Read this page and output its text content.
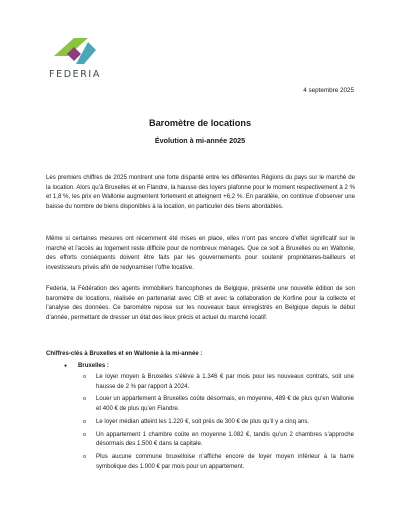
FEDERIA
4 septembre 2025
Baromètre de locations
Évolution à mi-année 2025

Les premiers chiffres de 2025 montrent une forte disparité entre les différentes Régions du pays sur le marché de la location. Alors qu’à Bruxelles et en Flandre, la hausse des loyers plafonne pour le moment respectivement à 2 % et 1,8 %, les prix en Wallonie augmentent fortement et atteignent +6,2 %. En parallèle, on continue d’observer une baisse du nombre de biens disponibles à la location, en particulier des biens abordables.

Même si certaines mesures ont récemment été mises en place, elles n’ont pas encore d’effet significatif sur le marché et l’accès au logement reste difficile pour de nombreux ménages. Que ce soit à Bruxelles ou en Wallonie, des efforts conséquents doivent être faits par les gouvernements pour soutenir propriétaires-bailleurs et investisseurs privés afin de redynamiser l’offre locative.

Federia, la Fédération des agents immobiliers francophones de Belgique, présente une nouvelle édition de son baromètre de locations, réalisée en partenariat avec CIB et avec la collaboration de Korfine pour la collecte et l’analyse des données. Ce baromètre repose sur les nouveaux baux enregistrés en Belgique depuis le début d’année, permettant de dresser un état des lieux précis et actuel du marché locatif.

Chiffres-clés à Bruxelles et en Wallonie à la mi-année :
● Bruxelles :
o Le loyer moyen à Bruxelles s’élève à 1.346 € par mois pour les nouveaux contrats, soit une hausse de 2 % par rapport à 2024.
o Louer un appartement à Bruxelles coûte désormais, en moyenne, 489 € de plus qu’en Wallonie et 400 € de plus qu’en Flandre.
o Le loyer médian atteint les 1.220 €, soit près de 300 € de plus qu’il y a cinq ans.
o Un appartement 1 chambre coûte en moyenne 1.082 €, tandis qu’un 2 chambres s’approche désormais des 1.500 € dans la capitale.
o Plus aucune commune bruxelloise n’affiche encore de loyer moyen inférieur à la barre symbolique des 1.000 € par mois pour un appartement.
